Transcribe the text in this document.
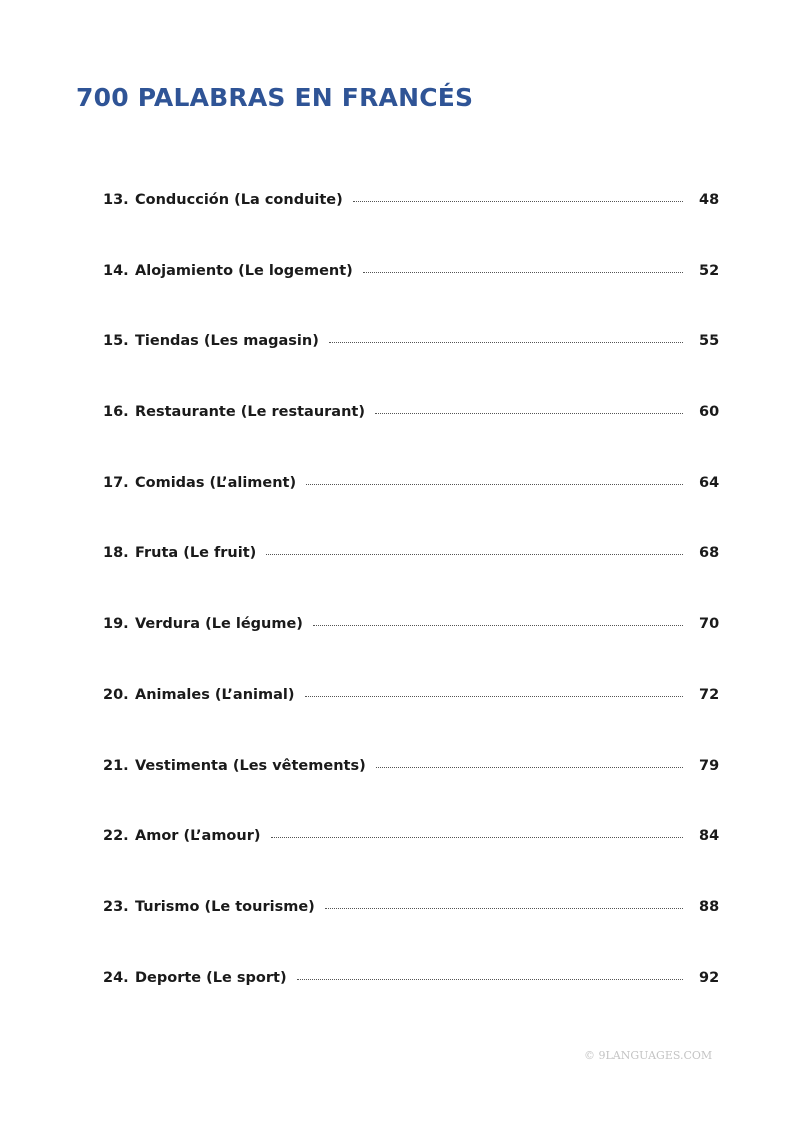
700 PALABRAS EN FRANCÉS
13. Conducción (La conduite)	48
14. Alojamiento (Le logement)	52
15. Tiendas (Les magasin)	55
16. Restaurante (Le restaurant)	60
17. Comidas (L’aliment)	64
18. Fruta (Le fruit)	68
19. Verdura (Le légume)	70
20. Animales (L’animal)	72
21. Vestimenta (Les vêtements)	79
22. Amor (L’amour)	84
23. Turismo (Le tourisme)	88
24. Deporte (Le sport)	92
© 9LANGUAGES.COM
